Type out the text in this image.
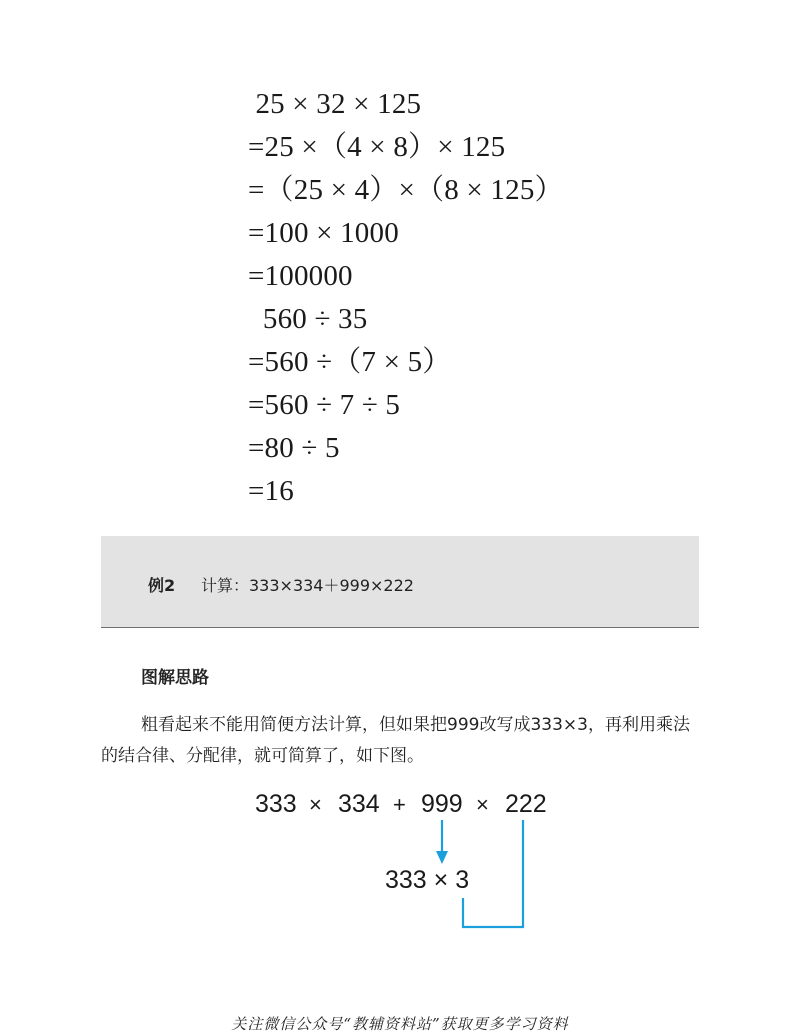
25 × 32 × 125
=25 ×（4 × 8）× 125
=（25 × 4）×（8 × 125）
=100 × 1000
=100000
560 ÷ 35
=560 ÷（7 × 5）
=560 ÷ 7 ÷ 5
=80 ÷ 5
=16
例2 计算：333×334＋999×222
图解思路
粗看起来不能用简便方法计算，但如果把999改写成333×3，再利用乘法的结合律、分配律，就可简算了，如下图。
333 × 334 + 999 × 222
333 × 3
关注微信公众号“教辅资料站”获取更多学习资料
